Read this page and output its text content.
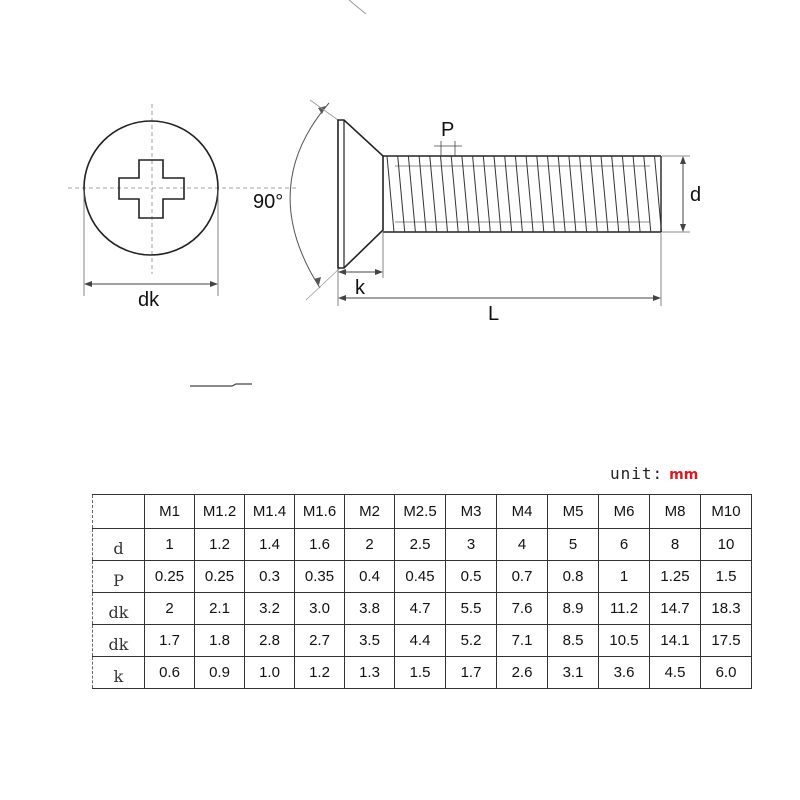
dk
90°
P
d
k
L
unit: mm
	M1	M1.2	M1.4	M1.6	M2	M2.5	M3	M4	M5	M6	M8	M10
d	1	1.2	1.4	1.6	2	2.5	3	4	5	6	8	10
P	0.25	0.25	0.3	0.35	0.4	0.45	0.5	0.7	0.8	1	1.25	1.5
dk	2	2.1	3.2	3.0	3.8	4.7	5.5	7.6	8.9	11.2	14.7	18.3
dk	1.7	1.8	2.8	2.7	3.5	4.4	5.2	7.1	8.5	10.5	14.1	17.5
k	0.6	0.9	1.0	1.2	1.3	1.5	1.7	2.6	3.1	3.6	4.5	6.0
